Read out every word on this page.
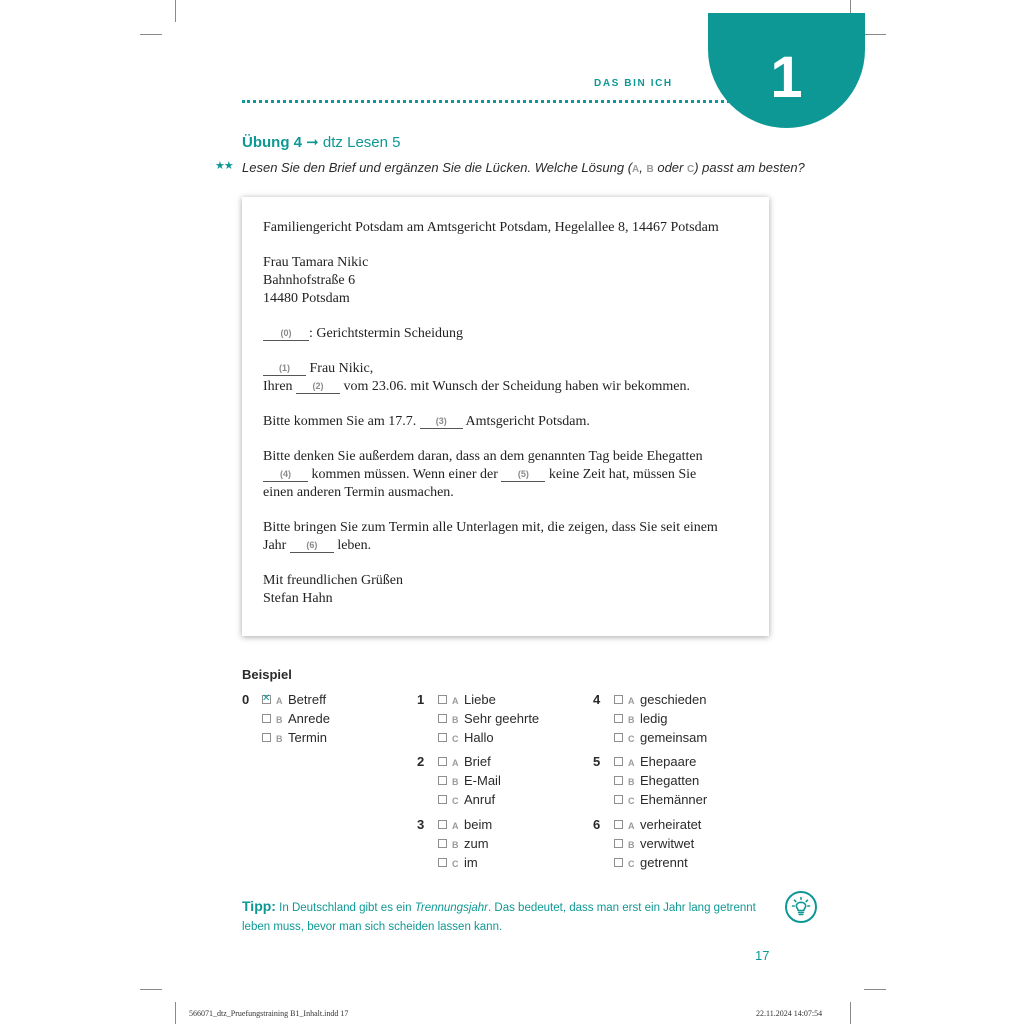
DAS BIN ICH 1
Übung 4 ➞ dtz Lesen 5
★★ Lesen Sie den Brief und ergänzen Sie die Lücken. Welche Lösung (A, B oder C) passt am besten?
Familiengericht Potsdam am Amtsgericht Potsdam, Hegelallee 8, 14467 Potsdam
Frau Tamara Nikic
Bahnhofstraße 6
14480 Potsdam
(0) : Gerichtstermin Scheidung
(1) Frau Nikic,
Ihren (2) vom 23.06. mit Wunsch der Scheidung haben wir bekommen.
Bitte kommen Sie am 17.7. (3) Amtsgericht Potsdam.
Bitte denken Sie außerdem daran, dass an dem genannten Tag beide Ehegatten
(4) kommen müssen. Wenn einer der (5) keine Zeit hat, müssen Sie
einen anderen Termin ausmachen.
Bitte bringen Sie zum Termin alle Unterlagen mit, die zeigen, dass Sie seit einem
Jahr (6) leben.
Mit freundlichen Grüßen
Stefan Hahn
Beispiel
0
✕	A Betreff
B Anrede
B Termin
1	A Liebe
B Sehr geehrte
C Hallo
2	A Brief
B E-Mail
C Anruf
3	A beim
B zum
C im
4	A geschieden
B ledig
C gemeinsam
5	A Ehepaare
B Ehegatten
C Ehemänner
6	A verheiratet
B verwitwet
C getrennt
Tipp: In Deutschland gibt es ein Trennungsjahr. Das bedeutet, dass man erst ein Jahr lang getrennt leben muss, bevor man sich scheiden lassen kann.
17
566071_dtz_Pruefungstraining B1_Inhalt.indd 17	22.11.2024 14:07:54
